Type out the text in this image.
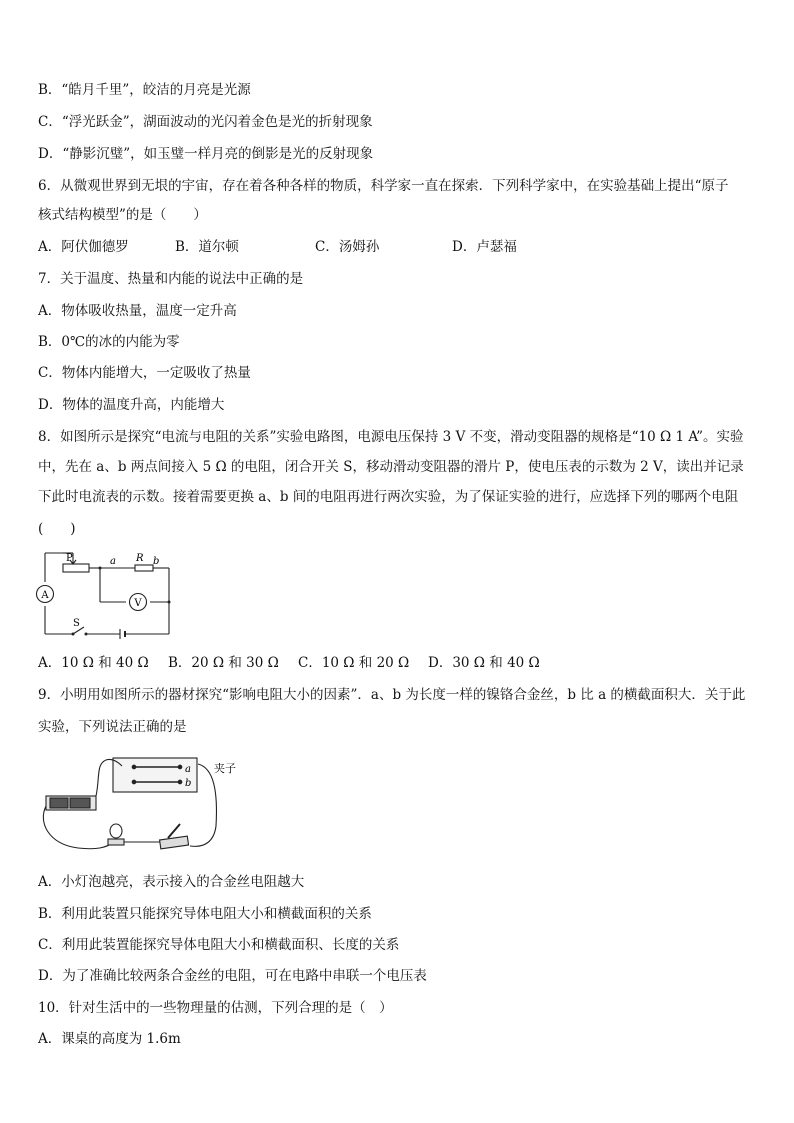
B．“皓月千里”，皎洁的月亮是光源
C．“浮光跃金”，湖面波动的光闪着金色是光的折射现象
D．“静影沉璧”，如玉璧一样月亮的倒影是光的反射现象
6．从微观世界到无垠的宇宙，存在着各种各样的物质，科学家一直在探索．下列科学家中，在实验基础上提出“原子
核式结构模型”的是（　　）
A．阿伏伽德罗	B．道尔顿	C．汤姆孙	D．卢瑟福
7．关于温度、热量和内能的说法中正确的是
A．物体吸收热量，温度一定升高
B．0℃的冰的内能为零
C．物体内能增大，一定吸收了热量
D．物体的温度升高，内能增大
8．如图所示是探究“电流与电阻的关系”实验电路图，电源电压保持 3 V 不变，滑动变阻器的规格是“10 Ω 1 A”。实验
中，先在 a、b 两点间接入 5 Ω 的电阻，闭合开关 S，移动滑动变阻器的滑片 P，使电压表的示数为 2 V，读出并记录
下此时电流表的示数。接着需要更换 a、b 间的电阻再进行两次实验，为了保证实验的进行，应选择下列的哪两个电阻
(　　)
A
V
P	a R b
S
A．10 Ω 和 40 Ω B．20 Ω 和 30 Ω C．10 Ω 和 20 Ω D．30 Ω 和 40 Ω
9．小明用如图所示的器材探究“影响电阻大小的因素”．a、b 为长度一样的镍铬合金丝，b 比 a 的横截面积大．关于此
实验，下列说法正确的是
a
b
夹子
A．小灯泡越亮，表示接入的合金丝电阻越大
B．利用此装置只能探究导体电阻大小和横截面积的关系
C．利用此装置能探究导体电阻大小和横截面积、长度的关系
D．为了准确比较两条合金丝的电阻，可在电路中串联一个电压表
10．针对生活中的一些物理量的估测，下列合理的是（　）
A．课桌的高度为 1.6m
